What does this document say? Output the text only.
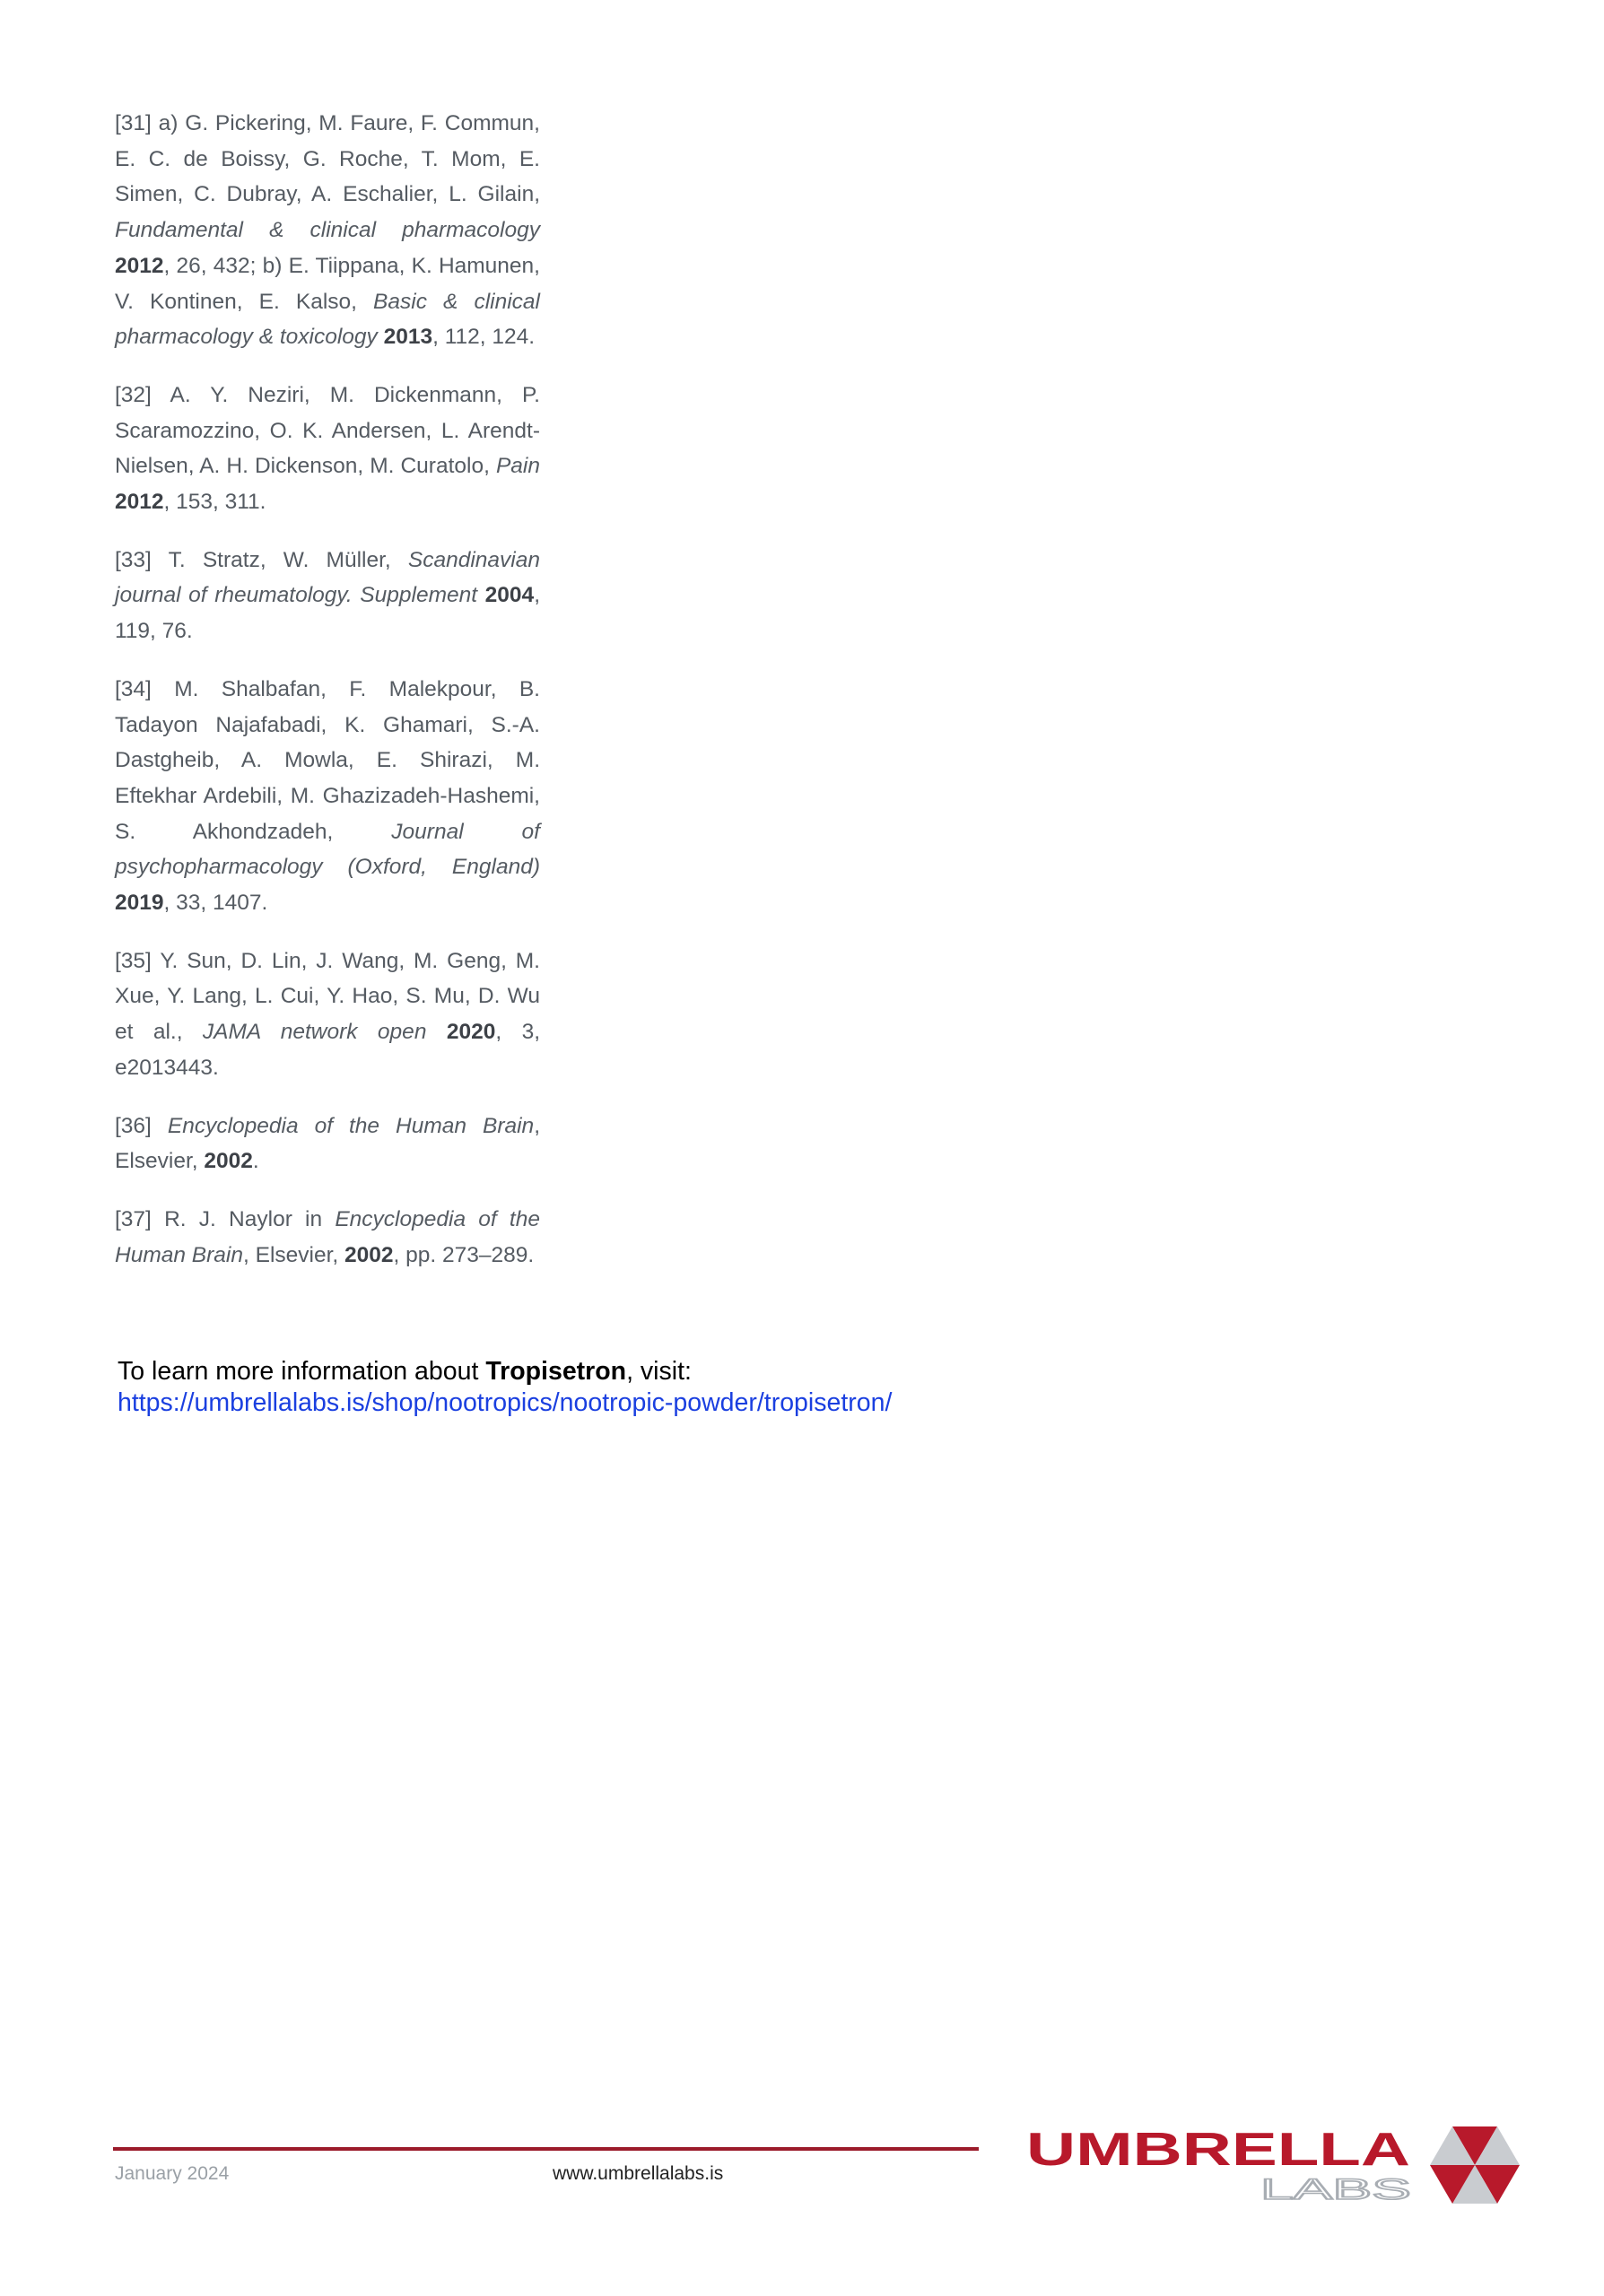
[31] a) G. Pickering, M. Faure, F. Commun, E. C. de Boissy, G. Roche, T. Mom, E. Simen, C. Dubray, A. Eschalier, L. Gilain, Fundamental & clinical pharmacology 2012, 26, 432; b) E. Tiippana, K. Hamunen, V. Kontinen, E. Kalso, Basic & clinical pharmacology & toxicology 2013, 112, 124.

[32] A. Y. Neziri, M. Dickenmann, P. Scaramozzino, O. K. Andersen, L. Arendt-Nielsen, A. H. Dickenson, M. Curatolo, Pain 2012, 153, 311.

[33] T. Stratz, W. Müller, Scandinavian journal of rheumatology. Supplement 2004, 119, 76.

[34] M. Shalbafan, F. Malekpour, B. Tadayon Najafabadi, K. Ghamari, S.-A. Dastgheib, A. Mowla, E. Shirazi, M. Eftekhar Ardebili, M. Ghazizadeh-Hashemi, S. Akhondzadeh, Journal of psychopharmacology (Oxford, England) 2019, 33, 1407.

[35] Y. Sun, D. Lin, J. Wang, M. Geng, M. Xue, Y. Lang, L. Cui, Y. Hao, S. Mu, D. Wu et al., JAMA network open 2020, 3, e2013443.

[36] Encyclopedia of the Human Brain, Elsevier, 2002.

[37] R. J. Naylor in Encyclopedia of the Human Brain, Elsevier, 2002, pp. 273–289.

To learn more information about Tropisetron, visit:
https://umbrellalabs.is/shop/nootropics/nootropic-powder/tropisetron/
January 2024	www.umbrellalabs.is	UMBRELLA
LABS
